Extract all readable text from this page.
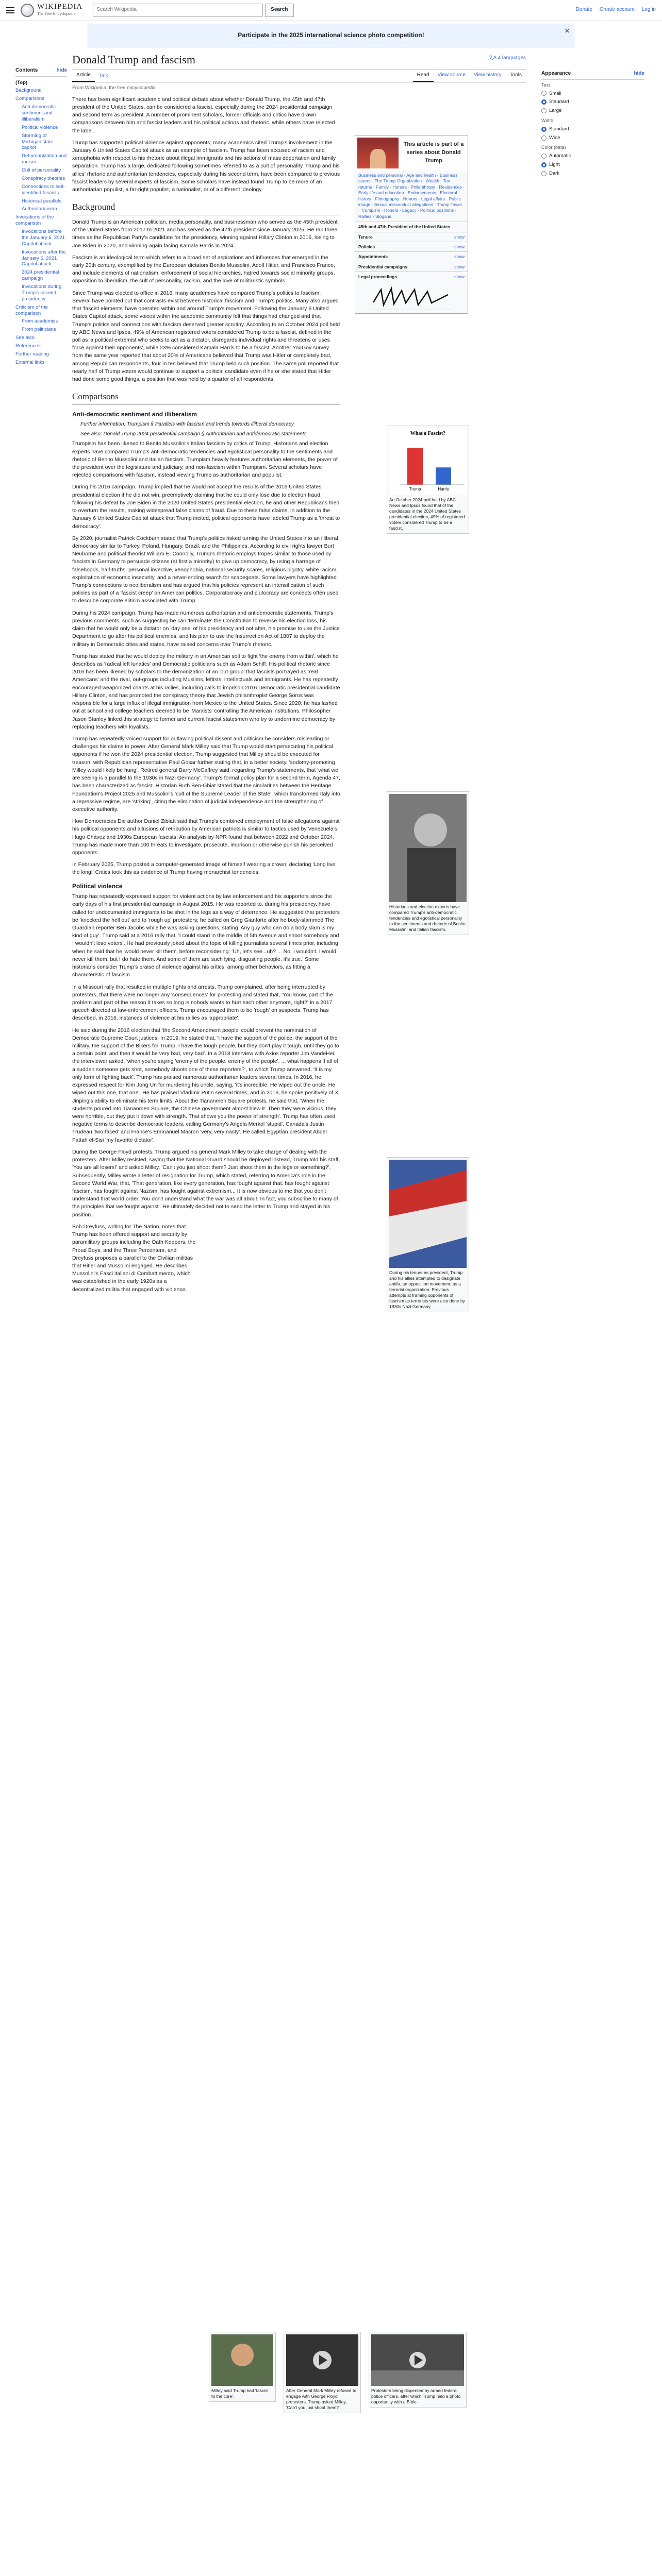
WIKIPEDIA
The Free Encyclopedia
Search Wikipedia	Search	Donate Create account Log in
Participate in the 2025 international science photo competition!
✕
Contents	hide
(Top)
Background
Comparisons
Anti-democratic sentiment and illiberalism
Political violence
Storming of Michigan state capitol
Dehumanization and racism
Cult of personality
Conspiracy theories
Connections to self-identified fascists
Historical parallels
Authoritarianism
Invocations of the comparison
Invocations before the January 6, 2021 Capitol attack
Invocations after the January 6, 2021 Capitol attack
2024 presidential campaign
Invocations during Trump's second presidency
Criticism of the comparison
From academics
From politicians
See also
References
Further reading
External links
Donald Trump and fascism	文A 4 languages
Article	Talk	Read	View source	View history	Tools
From Wikipedia, the free encyclopedia

There has been significant academic and political debate about whether Donald Trump, the 45th and 47th president of the United States, can be considered a fascist, especially during the 2024 presidential campaign and second term as president. A number of prominent scholars, former officials and critics have drawn comparisons between him and fascist leaders and his political actions and rhetoric, while others have rejected the label.

Trump has supported political violence against opponents; many academics cited Trump's involvement in the January 6 United States Capitol attack as an example of fascism. Trump has been accused of racism and xenophobia with respect to his rhetoric about illegal immigrants and his actions of mass deportation and family separation. Trump has a large, dedicated following sometimes referred to as a cult of personality. Trump and his allies' rhetoric and authoritarian tendencies, especially during his second term, have been compared to previous fascist leaders by several experts of fascism. Some scholars have instead found Trump to be more of an authoritarian populist, a far-right populist, a nationalist, or of a different ideology.

Background

Donald Trump is an American politician, media personality, and businessman who served as the 45th president of the United States from 2017 to 2021 and has served as the 47th president since January 2025. He ran three times as the Republican Party's candidate for the presidency, winning against Hillary Clinton in 2016, losing to Joe Biden in 2020, and winning again facing Kamala Harris in 2024.

Fascism is an ideological term which refers to a broad set of aspirations and influences that emerged in the early 20th century, exemplified by the European dictators Benito Mussolini, Adolf Hitler, and Francisco Franco, and include elements of nationalism, enforcement of social hierarchies, hatred towards social minority groups, opposition to liberalism, the cult of personality, racism, and the love of militaristic symbols.

Since Trump was elected to office in 2016, many academics have compared Trump's politics to fascism. Several have pointed out that contrasts exist between historical fascism and Trump's politics. Many also argued that 'fascist elements' have operated within and around Trump's movement. Following the January 6 United States Capitol attack, some voices within the academic community felt that things had changed and that Trump's politics and connections with fascism deserved greater scrutiny. According to an October 2024 poll held by ABC News and Ipsos, 49% of American registered voters considered Trump to be a fascist, defined in the poll as 'a political extremist who seeks to act as a dictator, disregards individual rights and threatens or uses force against their opponents', while 23% considered Kamala Harris to be a fascist. Another YouGov survey from the same year reported that about 20% of Americans believed that Trump was Hitler or completely bad, among Republican respondents, four in ten believed that Trump held such position. The same poll reported that nearly half of Trump voters would continue to support a political candidate even if he or she stated that Hitler had done some good things, a position that was held by a quarter of all respondents.

Comparisons
Anti-democratic sentiment and illiberalism
Further information: Trumpism § Parallels with fascism and trends towards illiberal democracy
See also: Donald Trump 2024 presidential campaign § Authoritarian and antidemocratic statements

Trumpism has been likened to Benito Mussolini's Italian fascism by critics of Trump. Historians and election experts have compared Trump's anti-democratic tendencies and egotistical personality to the sentiments and rhetoric of Benito Mussolini and Italian fascism. Trumpism heavily features authoritarian elements, the power of the president over the legislature and judiciary, and non-fascism within Trumpism. Several scholars have rejected comparisons with fascism, instead viewing Trump as authoritarian and populist.

During his 2016 campaign, Trump implied that he would not accept the results of the 2016 United States presidential election if he did not win, preemptively claiming that he could only lose due to election fraud, following his defeat by Joe Biden in the 2020 United States presidential election, he and other Republicans tried to overturn the results, making widespread false claims of fraud. Due to these false claims, in addition to the January 6 United States Capitol attack that Trump incited, political opponents have labeled Trump as a 'threat to democracy'.

By 2020, journalist Patrick Cockburn stated that Trump's politics risked turning the United States into an illiberal democracy similar to Turkey, Poland, Hungary, Brazil, and the Philippines. According to civil rights lawyer Burt Neuborne and political theorist William E. Connolly, Trump's rhetoric employs tropes similar to those used by fascists in Germany to persuade citizens (at first a minority) to give up democracy, by using a barrage of falsehoods, half-truths, personal invective, xenophobia, national-security scares, religious bigotry, white racism, exploitation of economic insecurity, and a never-ending search for scapegoats. Some lawyers have highlighted Trump's connections to neoliberalism and has argued that his policies represent an intensification of such policies as part of a 'fascist creep' on American politics. Corporatocracy and plutocracy are concepts often used to describe corporate elitism associated with Trump.

During his 2024 campaign, Trump has made numerous authoritarian and antidemocratic statements. Trump's previous comments, such as suggesting he can 'terminate' the Constitution to reverse his election loss, his claim that he would only be a dictator on 'day one' of his presidency and not after, his promise to use the Justice Department to go after his political enemies, and his plan to use the Insurrection Act of 1807 to deploy the military in Democratic cities and states, have raised concerns over Trump's rhetoric.

Trump has stated that he would deploy the military in an American soil to fight 'the enemy from within', which he describes as 'radical left lunatics' and Democratic politicians such as Adam Schiff. His political rhetoric since 2016 has been likened by scholars to the demonization of an 'out-group' that fascists portrayed as 'real Americans' and the rival, out-groups including Muslims, leftists, intellectuals and immigrants. He has repeatedly encouraged weaponized chants at his rallies, including calls to imprison 2016 Democratic presidential candidate Hillary Clinton, and has promoted the conspiracy theory that Jewish philanthropist George Soros was responsible for a large influx of illegal immigration from Mexico to the United States. Since 2020, he has lashed out at school and college teachers deemed to be 'Marxists' controlling the American institutions. Philosopher Jason Stanley linked this strategy to former and current fascist statesmen who try to undermine democracy by replacing teachers with loyalists.

Trump has repeatedly voiced support for outlawing political dissent and criticism he considers misleading or challenges his claims to power. After General Mark Milley said that Trump would start persecuting his political opponents if he won the 2024 presidential election, Trump suggested that Milley should be executed for treason, with Republican representative Paul Gosar further stating that, in a better society, 'sodomy-promoting Milley would likely be hung'. Retired general Barry McCaffrey said, regarding Trump's statements, that 'what we are seeing is a parallel to the 1930s in Nazi Germany'. Trump's formal policy plan for a second term, Agenda 47, has been characterized as fascist. Historian Ruth Ben-Ghiat stated that the similarities between the Heritage Foundation's Project 2025 and Mussolini's 'cult of the Supreme Leader of the State', which transformed Italy into a repressive regime, are 'striking', citing the elimination of judicial independence and the strengthening of executive authority.

How Democracies Die author Daniel Ziblatt said that Trump's combined employment of false allegations against his political opponents and allusions of retribution by American patriots is similar to tactics used by Venezuela's Hugo Chávez and 1930s European fascists. An analysis by NPR found that between 2022 and October 2024, Trump has made more than 100 threats to investigate, prosecute, imprison or otherwise punish his perceived opponents.

In February 2025, Trump posted a computer-generated image of himself wearing a crown, declaring 'Long live the king!' Critics took this as evidence of Trump having monarchist tendencies.

Political violence

Trump has repeatedly expressed support for violent actions by law enforcement and his supporters since the early days of his first presidential campaign in August 2015. He was reported to, during his presidency, have called for undocumented immigrants to be shot in the legs as a way of deterrence. He suggested that protesters be 'knocked the hell out' and to 'rough up' protesters; he called on Greg Gianforte after he body-slammed The Guardian reporter Ben Jacobs while he was asking questions, stating 'Any guy who can do a body slam is my kind of guy'. Trump said at a 2016 rally that, 'I could stand in the middle of 5th Avenue and shoot somebody and I wouldn't lose voters'. He had previously joked about the topic of killing journalists several times prior, including when he said that he 'would never kill them', before reconsidering: 'Uh, let's see...uh? ... No, I wouldn't. I would never kill them, but I do hate them. And some of them are such lying, disgusting people, it's true.' Some historians consider Trump's praise of violence against his critics, among other behaviors, as fitting a characteristic of fascism.

In a Missouri rally that resulted in multiple fights and arrests, Trump complained, after being interrupted by protesters, that there were no longer any 'consequences' for protesting and stated that, 'You know, part of the problem and part of the reason it takes so long is nobody wants to hurt each other anymore, right?' In a 2017 speech directed at law-enforcement officers, Trump encouraged them to be 'rough' on suspects. Trump has described, in 2016, instances of violence at his rallies as 'appropriate'.

He said during the 2016 election that 'the Second Amendment people' could prevent the nomination of Democratic Supreme Court justices. In 2019, he stated that, 'I have the support of the police, the support of the military, the support of the Bikers for Trump, I have the tough people, but they don't play it tough, until they go to a certain point, and then it would be very bad, very bad'. In a 2018 interview with Axios reporter Jim VandeHei, the interviewer asked, 'when you're saying 'enemy of the people, enemy of the people', ... what happens if all of a sudden someone gets shot, somebody shoots one of these reporters?', to which Trump answered, 'It is my only form of fighting back'. Trump has praised numerous authoritarian leaders several times. In 2016, he expressed respect for Kim Jong Un for murdering his uncle, saying, 'it's incredible. He wiped out the uncle. He wiped out this one, that one'. He has praised Vladimir Putin several times, and in 2016, he spoke positively of Xi Jinping's ability to eliminate his term limits. About the Tiananmen Square protests, he said that, 'When the students poured into Tiananmen Square, the Chinese government almost blew it. Then they were vicious, they were horrible, but they put it down with strength. That shows you the power of strength'. Trump has often used negative terms to describe democratic leaders, calling Germany's Angela Merkel 'stupid', Canada's Justin Trudeau 'two-faced' and France's Emmanuel Macron 'very, very nasty'. He called Egyptian president Abdel Fattah el-Sisi 'my favorite dictator'.

During the George Floyd protests, Trump argued his general Mark Milley to take charge of dealing with the protesters. After Milley resisted, saying that the National Guard should be deployed instead, Trump told his staff, 'You are all losers!' and asked Milley, 'Can't you just shoot them? Just shoot them in the legs or something?'. Subsequently, Milley wrote a letter of resignation for Trump, which stated, referring to America's role in the Second World War, that, 'That generation, like every generation, has fought against that, has fought against fascism, has fought against Nazism, has fought against extremism... It is now obvious to me that you don't understand that world order. You don't understand what the war was all about. In fact, you subscribe to many of the principles that we fought against'. He ultimately decided not to send the letter to Trump and stayed in his position.

Bob Dreyfuss, writing for The Nation, notes that Trump has been offered support and security by paramilitary groups including the Oath Keepers, the Proud Boys, and the Three Percenters, and Dreyfuss proposes a parallel to the Civilian militias that Hitler and Mussolini engaged. He describes Mussolini's Fasci italiani di Combattimento, which was established in the early 1920s as a decentralized militia that engaged with violence.

This article is part of a series about Donald Trump
Business and personal · Age and health · Business career · The Trump Organization · Wealth · Tax returns · Family · Honors · Philanthropy · Residences · Early life and education · Endorsements · Electoral history · Filmography · Honors · Legal affairs · Public image · Sexual misconduct allegations · Trump Tower · Trumpism · Honors · Legacy · Political positions · Rallies · Slogans
45th and 47th President of the United States
Tenure	show
Policies	show
Appointments	show
Presidential campaigns	show
Legal proceedings	show
What a Fascist?
Trump	Harris
An October 2024 poll held by ABC News and Ipsos found that of the candidates in the 2024 United States presidential election, 49% of registered voters considered Trump to be a fascist.
Historians and election experts have compared Trump's anti-democratic tendencies and egotistical personality to the sentiments and rhetoric of Benito Mussolini and Italian fascism.
During his tenure as president, Trump and his allies attempted to designate antifa, an opposition movement, as a terrorist organization. Previous attempts at framing opponents of fascism as terrorists were also done by 1930s Nazi Germany.
Milley said Trump had 'fascist to the core'.
After General Mark Milley refused to engage with George Floyd protesters, Trump asked Milley, 'Can't you just shoot them?'
Protesters being dispersed by armed federal police officers, after which Trump held a photo opportunity with a Bible
Appearance	hide
Text
Small
Standard
Large
Width
Standard
Wide
Color (beta)
Automatic
Light
Dark
